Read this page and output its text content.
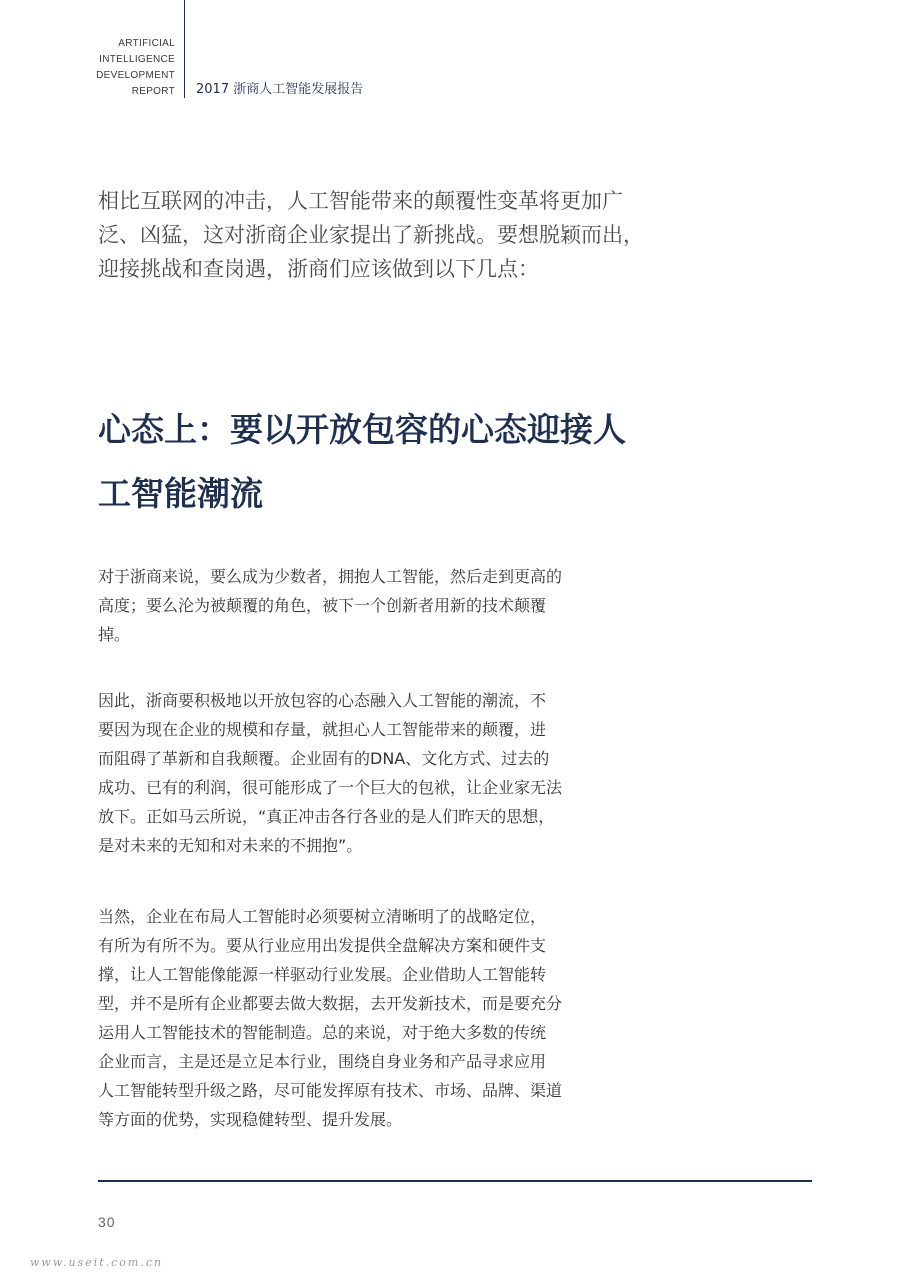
ARTIFICIAL
INTELLIGENCE
DEVELOPMENT
REPORT 2017 浙商人工智能发展报告
相比互联网的冲击，人工智能带来的颠覆性变革将更加广
泛、凶猛，这对浙商企业家提出了新挑战。要想脱颖而出，
迎接挑战和查岗遇，浙商们应该做到以下几点：
心态上：要以开放包容的心态迎接人
工智能潮流
对于浙商来说，要么成为少数者，拥抱人工智能，然后走到更高的
高度；要么沦为被颠覆的角色，被下一个创新者用新的技术颠覆
掉。
因此，浙商要积极地以开放包容的心态融入人工智能的潮流，不
要因为现在企业的规模和存量，就担心人工智能带来的颠覆，进
而阻碍了革新和自我颠覆。企业固有的DNA、文化方式、过去的
成功、已有的利润，很可能形成了一个巨大的包袱，让企业家无法
放下。正如马云所说，“真正冲击各行各业的是人们昨天的思想，
是对未来的无知和对未来的不拥抱”。
当然，企业在布局人工智能时必须要树立清晰明了的战略定位，
有所为有所不为。要从行业应用出发提供全盘解决方案和硬件支
撑，让人工智能像能源一样驱动行业发展。企业借助人工智能转
型，并不是所有企业都要去做大数据，去开发新技术，而是要充分
运用人工智能技术的智能制造。总的来说，对于绝大多数的传统
企业而言，主是还是立足本行业，围绕自身业务和产品寻求应用
人工智能转型升级之路，尽可能发挥原有技术、市场、品牌、渠道
等方面的优势，实现稳健转型、提升发展。
30
www.useit.com.cn
